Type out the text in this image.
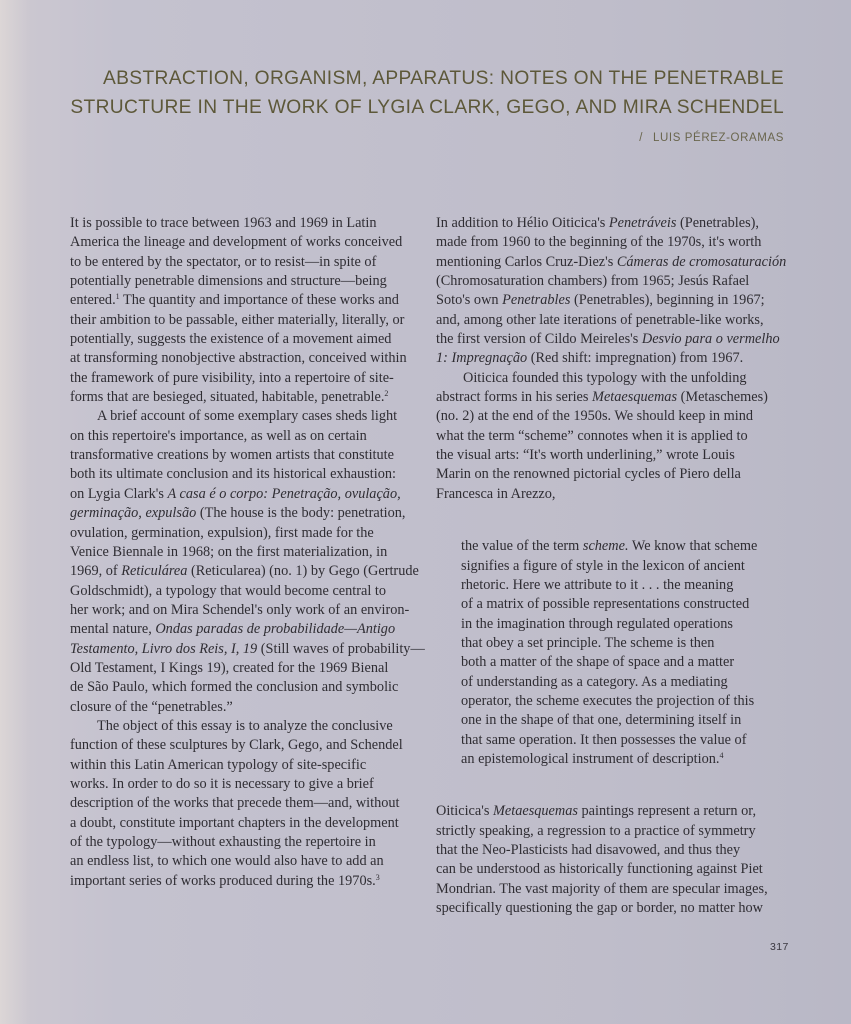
ABSTRACTION, ORGANISM, APPARATUS: NOTES ON THE PENETRABLE
STRUCTURE IN THE WORK OF LYGIA CLARK, GEGO, AND MIRA SCHENDEL
/ LUIS PÉREZ-ORAMAS
It is possible to trace between 1963 and 1969 in Latin
America the lineage and development of works conceived
to be entered by the spectator, or to resist—in spite of
potentially penetrable dimensions and structure—being
entered.$^1$ The quantity and importance of these works and
their ambition to be passable, either materially, literally, or
potentially, suggests the existence of a movement aimed
at transforming nonobjective abstraction, conceived within
the framework of pure visibility, into a repertoire of site-
forms that are besieged, situated, habitable, penetrable.$^2$
A brief account of some exemplary cases sheds light
on this repertoire's importance, as well as on certain
transformative creations by women artists that constitute
both its ultimate conclusion and its historical exhaustion:
on Lygia Clark's A casa é o corpo: Penetração, ovulação,
germinação, expulsão (The house is the body: penetration,
ovulation, germination, expulsion), first made for the
Venice Biennale in 1968; on the first materialization, in
1969, of Reticulárea (Reticularea) (no. 1) by Gego (Gertrude
Goldschmidt), a typology that would become central to
her work; and on Mira Schendel's only work of an environ-
mental nature, Ondas paradas de probabilidade—Antigo
Testamento, Livro dos Reis, I, 19 (Still waves of probability—
Old Testament, I Kings 19), created for the 1969 Bienal
de São Paulo, which formed the conclusion and symbolic
closure of the “penetrables.”
The object of this essay is to analyze the conclusive
function of these sculptures by Clark, Gego, and Schendel
within this Latin American typology of site-specific
works. In order to do so it is necessary to give a brief
description of the works that precede them—and, without
a doubt, constitute important chapters in the development
of the typology—without exhausting the repertoire in
an endless list, to which one would also have to add an
important series of works produced during the 1970s.$^3$
In addition to Hélio Oiticica's Penetráveis (Penetrables),
made from 1960 to the beginning of the 1970s, it's worth
mentioning Carlos Cruz-Diez's Cámeras de cromosaturación
(Chromosaturation chambers) from 1965; Jesús Rafael
Soto's own Penetrables (Penetrables), beginning in 1967;
and, among other late iterations of penetrable-like works,
the first version of Cildo Meireles's Desvio para o vermelho
1: Impregnação (Red shift: impregnation) from 1967.
Oiticica founded this typology with the unfolding
abstract forms in his series Metaesquemas (Metaschemes)
(no. 2) at the end of the 1950s. We should keep in mind
what the term “scheme” connotes when it is applied to
the visual arts: “It's worth underlining,” wrote Louis
Marin on the renowned pictorial cycles of Piero della
Francesca in Arezzo,
the value of the term scheme. We know that scheme
signifies a figure of style in the lexicon of ancient
rhetoric. Here we attribute to it . . . the meaning
of a matrix of possible representations constructed
in the imagination through regulated operations
that obey a set principle. The scheme is then
both a matter of the shape of space and a matter
of understanding as a category. As a mediating
operator, the scheme executes the projection of this
one in the shape of that one, determining itself in
that same operation. It then possesses the value of
an epistemological instrument of description.$^4$
Oiticica's Metaesquemas paintings represent a return or,
strictly speaking, a regression to a practice of symmetry
that the Neo-Plasticists had disavowed, and thus they
can be understood as historically functioning against Piet
Mondrian. The vast majority of them are specular images,
specifically questioning the gap or border, no matter how
317
